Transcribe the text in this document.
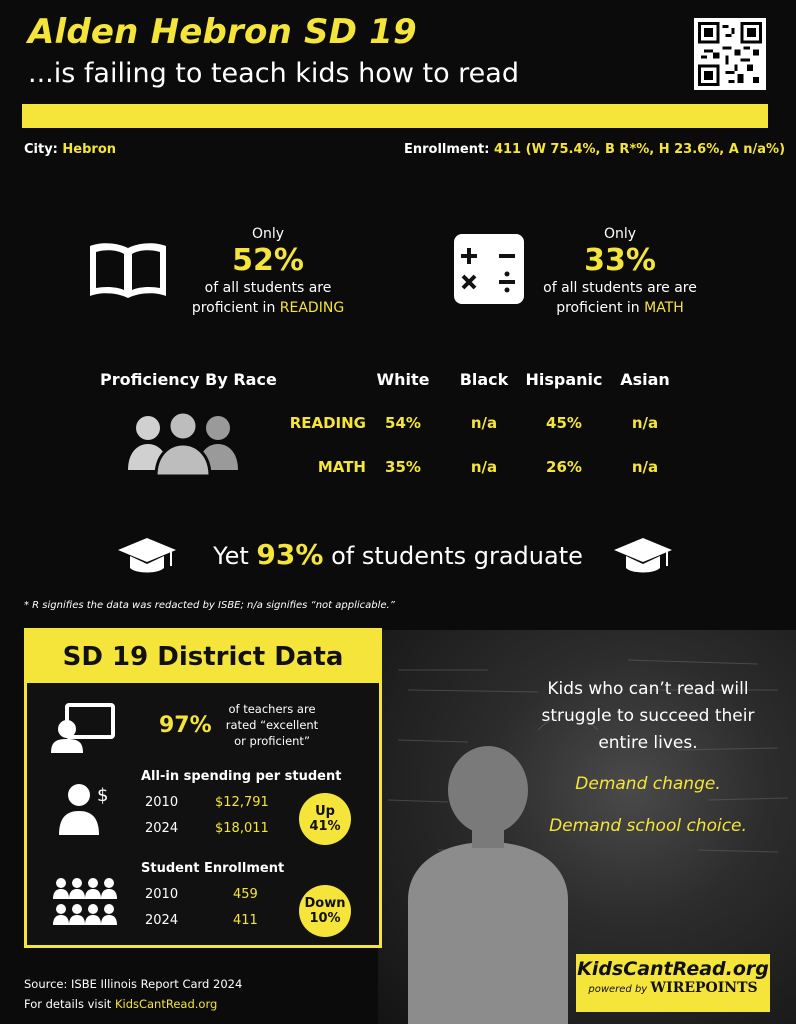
Alden Hebron SD 19
...is failing to teach kids how to read
City: Hebron	Enrollment: 411 (W 75.4%, B R*%, H 23.6%, A n/a%)
Only
52%
of all students are
proficient in READING
Only
33%
of all students are are
proficient in MATH
Proficiency By Race	White	Black	Hispanic	Asian
READING	54%	n/a	45%	n/a
MATH	35%	n/a	26%	n/a
Yet 93% of students graduate
* R signifies the data was redacted by ISBE; n/a signifies “not applicable.”
SD 19 District Data
97%
of teachers are
rated “excellent
or proficient”
$
All-in spending per student
2010	$12,791
2024	$18,011
Up
41%
Student Enrollment
2010	459
2024	411
Down
10%
Kids who can’t read will
struggle to succeed their
entire lives.
Demand change.
Demand school choice.
Source: ISBE Illinois Report Card 2024
For details visit KidsCantRead.org
KidsCantRead.org
powered by WIREPOINTS
